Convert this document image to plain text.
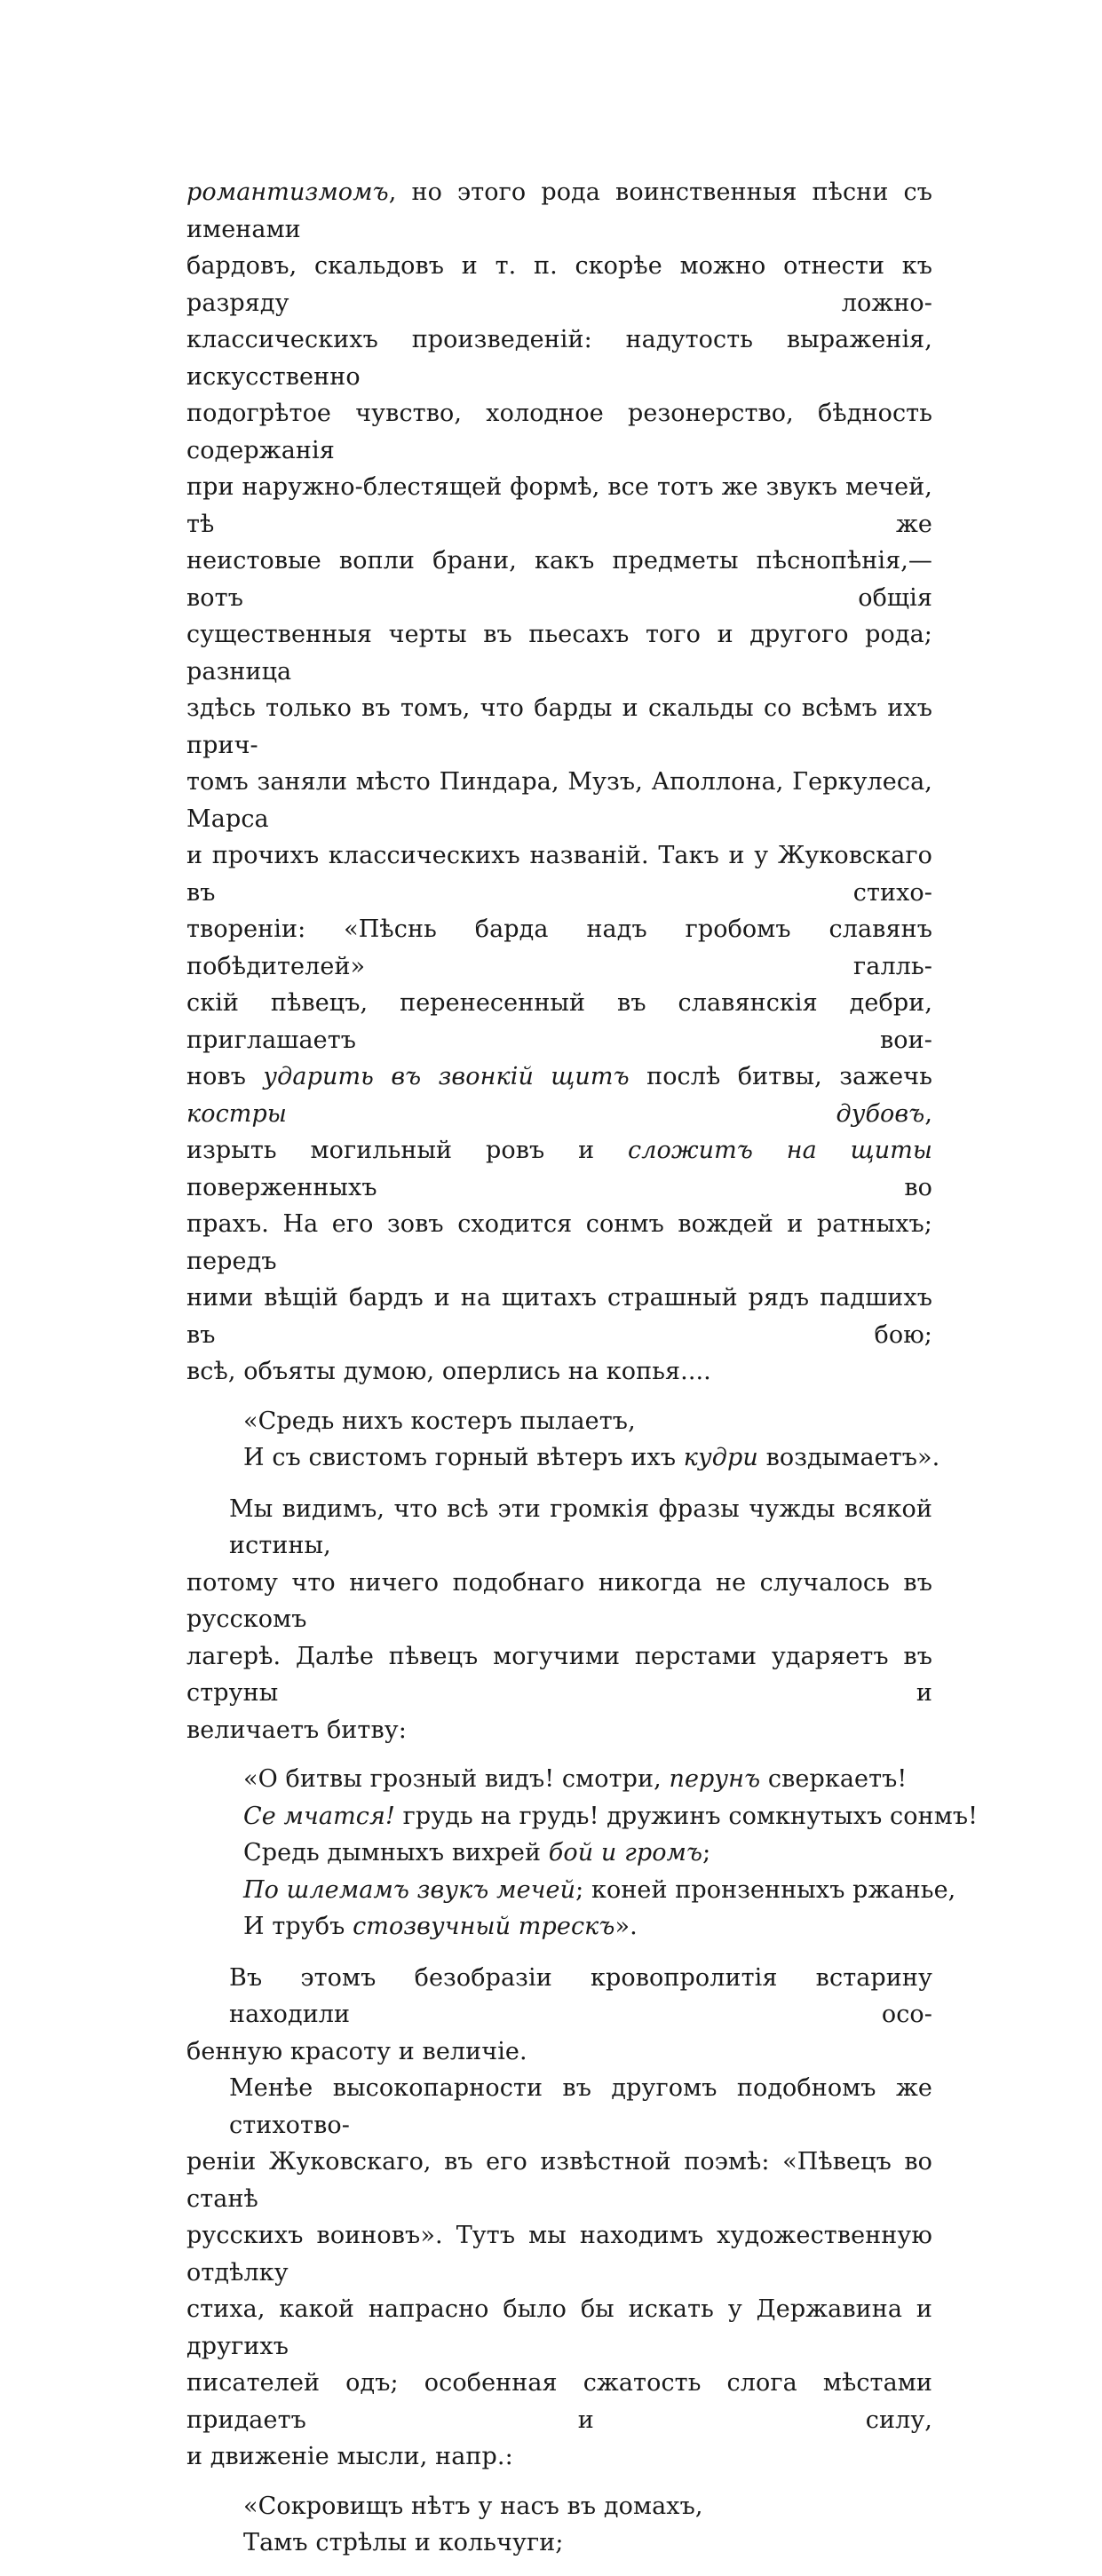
романтизмомъ, но этого рода воинственныя пѣсни съ именами
бардовъ, скальдовъ и т. п. скорѣе можно отнести къ разряду ложно-
классическихъ произведеній: надутость выраженія, искусственно
подогрѣтое чувство, холодное резонерство, бѣдность содержанія
при наружно-блестящей формѣ, все тотъ же звукъ мечей, тѣ же
неистовые вопли брани, какъ предметы пѣснопѣнія,—вотъ общія
существенныя черты въ пьесахъ того и другого рода; разница
здѣсь только въ томъ, что барды и скальды со всѣмъ ихъ прич-
томъ заняли мѣсто Пиндара, Музъ, Аполлона, Геркулеса, Марса
и прочихъ классическихъ названій. Такъ и у Жуковскаго въ стихо-
твореніи: «Пѣснь барда надъ гробомъ славянъ побѣдителей» галль-
скій пѣвецъ, перенесенный въ славянскія дебри, приглашаетъ вои-
новъ ударить въ звонкій щитъ послѣ битвы, зажечь костры дубовъ,
изрыть могильный ровъ и сложитъ на щиты поверженныхъ во
прахъ. На его зовъ сходится сонмъ вождей и ратныхъ; передъ
ними вѣщій бардъ и на щитахъ страшный рядъ падшихъ въ бою;
всѣ, объяты думою, оперлись на копья....
«Средь нихъ костеръ пылаетъ,
И съ свистомъ горный вѣтеръ ихъ кудри воздымаетъ».
Мы видимъ, что всѣ эти громкія фразы чужды всякой истины,
потому что ничего подобнаго никогда не случалось въ русскомъ
лагерѣ. Далѣе пѣвецъ могучими перстами ударяетъ въ струны и
величаетъ битву:
«О битвы грозный видъ! смотри, перунъ сверкаетъ!
Се мчатся! грудь на грудь! дружинъ сомкнутыхъ сонмъ!
Средь дымныхъ вихрей бой и громъ;
По шлемамъ звукъ мечей; коней пронзенныхъ ржанье,
И трубъ стозвучный трескъ».
Въ этомъ безобразіи кровопролитія встарину находили осо-
бенную красоту и величіе.
Менѣе высокопарности въ другомъ подобномъ же стихотво-
реніи Жуковскаго, въ его извѣстной поэмѣ: «Пѣвецъ во станѣ
русскихъ воиновъ». Тутъ мы находимъ художественную отдѣлку
стиха, какой напрасно было бы искать у Державина и другихъ
писателей одъ; особенная сжатость слога мѣстами придаетъ и силу,
и движеніе мысли, напр.:
«Сокровищъ нѣтъ у насъ въ домахъ,
Тамъ стрѣлы и кольчуги;
